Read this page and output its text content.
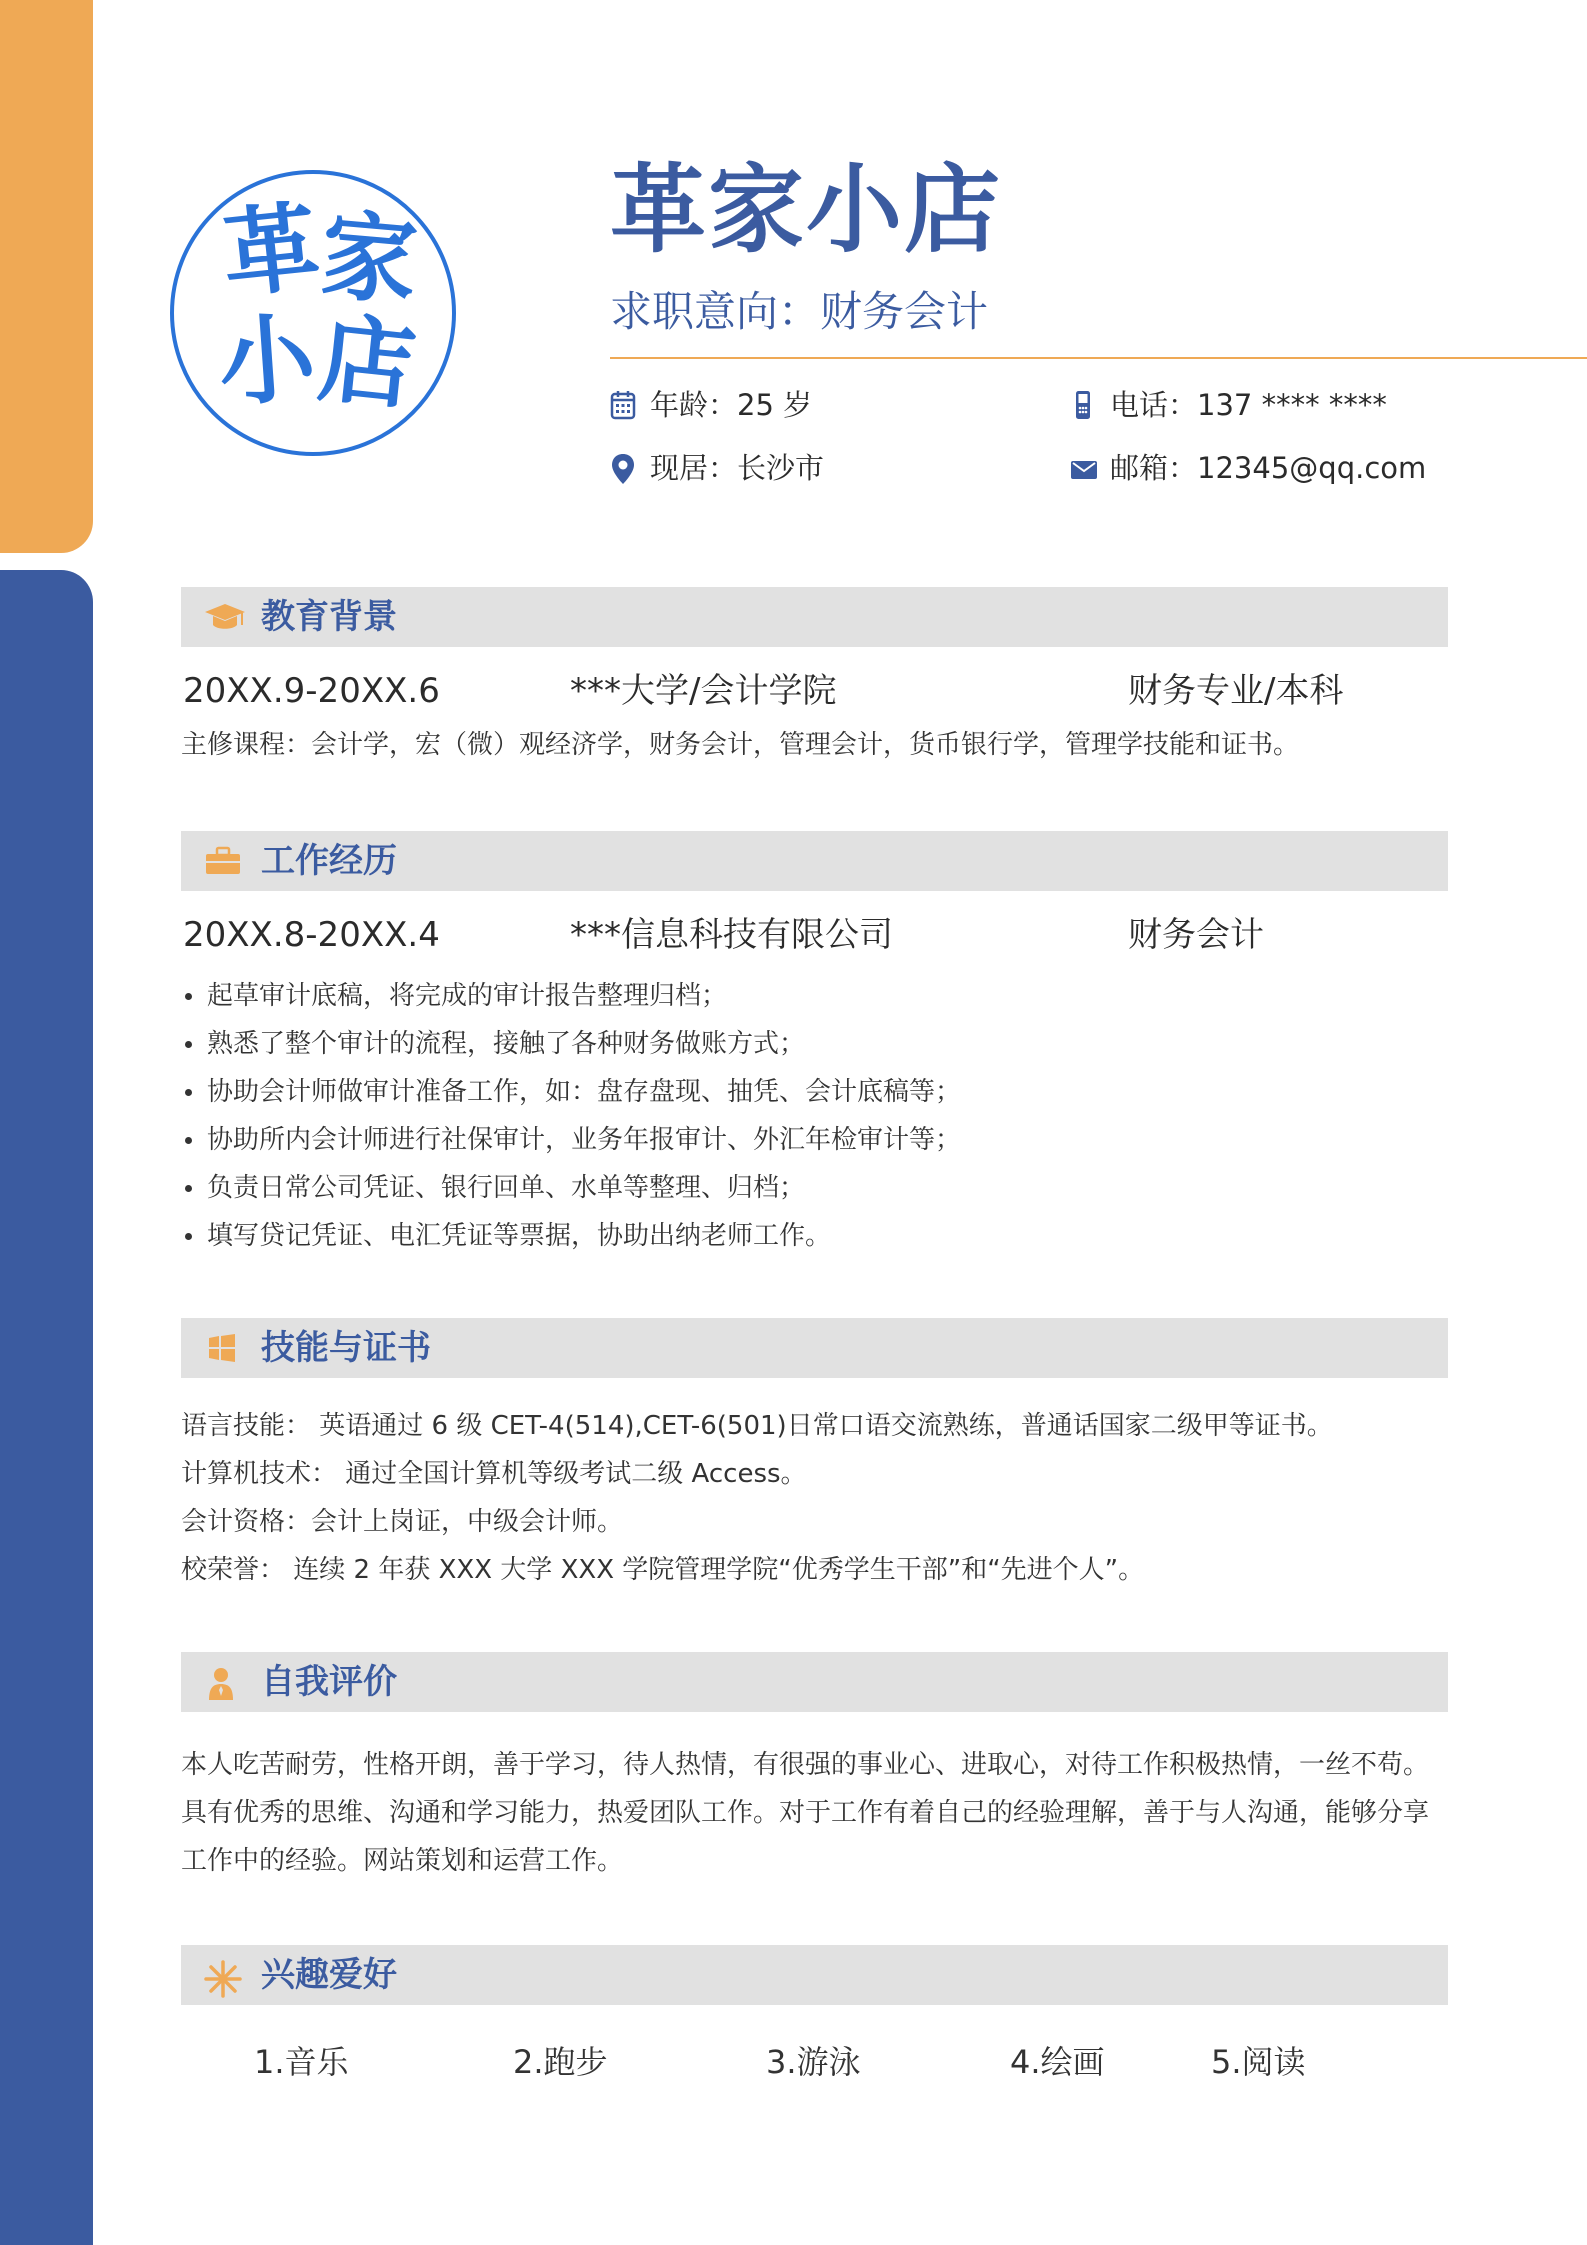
革
家
小
店
革家小店
求职意向：财务会计
年龄 ： 25 岁	电话 ： 137 **** ****
现居 ： 长沙市	邮箱 ： 12345@qq.com
教育背景
20XX.9-20XX.6	***大学/会计学院	财务专业/本科
主修课程：会计学，宏（微）观经济学，财务会计，管理会计，货币银行学，管理学技能和证书。
工作经历
20XX.8-20XX.4	***信息科技有限公司	财务会计
起草审计底稿，将完成的审计报告整理归档；
熟悉了整个审计的流程，接触了各种财务做账方式；
协助会计师做审计准备工作，如：盘存盘现、抽凭、会计底稿等；
协助所内会计师进行社保审计，业务年报审计、外汇年检审计等；
负责日常公司凭证、银行回单、水单等整理、归档；
填写贷记凭证、电汇凭证等票据，协助出纳老师工作。
技能与证书
语言技能： 英语通过 6 级 CET-4(514),CET-6(501)日常口语交流熟练，普通话国家二级甲等证书。
计算机技术： 通过全国计算机等级考试二级 Access。
会计资格：会计上岗证，中级会计师。
校荣誉： 连续 2 年获 XXX 大学 XXX 学院管理学院“优秀学生干部”和“先进个人”。
自我评价
本人吃苦耐劳，性格开朗，善于学习，待人热情，有很强的事业心、进取心，对待工作积极热情，一丝不苟。具有优秀的思维、沟通和学习能力，热爱团队工作。对于工作有着自己的经验理解，善于与人沟通，能够分享工作中的经验。网站策划和运营工作。
兴趣爱好
1.音乐	2.跑步	3.游泳	4.绘画	5.阅读
